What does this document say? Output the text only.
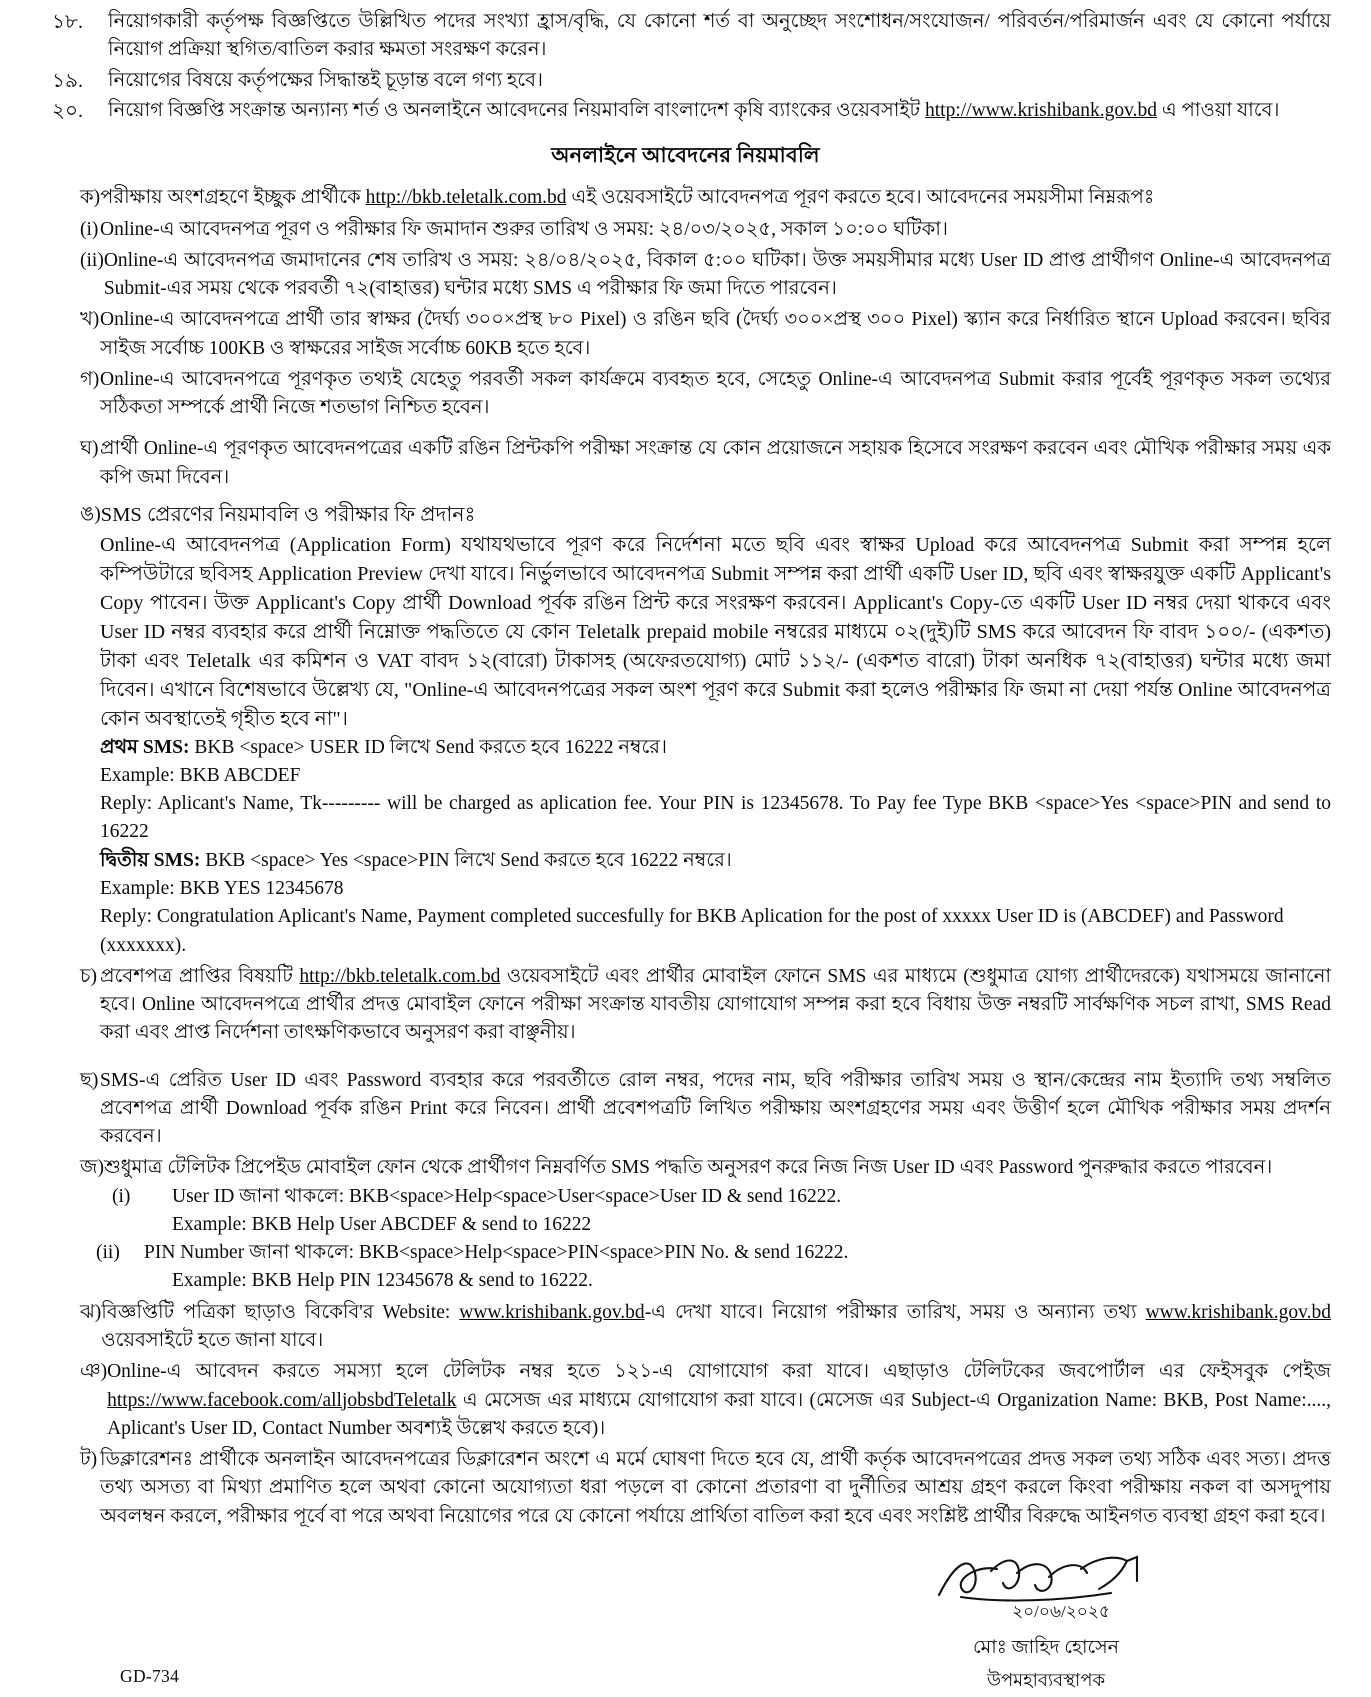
১৮.	নিয়োগকারী কর্তৃপক্ষ বিজ্ঞপ্তিতে উল্লিখিত পদের সংখ্যা হ্রাস/বৃদ্ধি, যে কোনো শর্ত বা অনুচ্ছেদ সংশোধন/সংযোজন/ পরিবর্তন/পরিমার্জন এবং যে কোনো পর্যায়ে নিয়োগ প্রক্রিয়া স্থগিত/বাতিল করার ক্ষমতা সংরক্ষণ করেন।
১৯.	নিয়োগের বিষয়ে কর্তৃপক্ষের সিদ্ধান্তই চূড়ান্ত বলে গণ্য হবে।
২০.	নিয়োগ বিজ্ঞপ্তি সংক্রান্ত অন্যান্য শর্ত ও অনলাইনে আবেদনের নিয়মাবলি বাংলাদেশ কৃষি ব্যাংকের ওয়েবসাইট http://www.krishibank.gov.bd এ পাওয়া যাবে।
অনলাইনে আবেদনের নিয়মাবলি
ক) পরীক্ষায় অংশগ্রহণে ইচ্ছুক প্রার্থীকে http://bkb.teletalk.com.bd এই ওয়েবসাইটে আবেদনপত্র পূরণ করতে হবে। আবেদনের সময়সীমা নিম্নরূপঃ
(i) Online-এ আবেদনপত্র পূরণ ও পরীক্ষার ফি জমাদান শুরুর তারিখ ও সময়: ২৪/০৩/২০২৫, সকাল ১০:০০ ঘটিকা।
(ii) Online-এ আবেদনপত্র জমাদানের শেষ তারিখ ও সময়: ২৪/০৪/২০২৫, বিকাল ৫:০০ ঘটিকা। উক্ত সময়সীমার মধ্যে User ID প্রাপ্ত প্রার্থীগণ Online-এ আবেদনপত্র Submit-এর সময় থেকে পরবর্তী ৭২(বাহাত্তর) ঘন্টার মধ্যে SMS এ পরীক্ষার ফি জমা দিতে পারবেন।
খ) Online-এ আবেদনপত্রে প্রার্থী তার স্বাক্ষর (দৈর্ঘ্য ৩০০×প্রস্থ ৮০ Pixel) ও রঙিন ছবি (দৈর্ঘ্য ৩০০×প্রস্থ ৩০০ Pixel) স্ক্যান করে নির্ধারিত স্থানে Upload করবেন। ছবির সাইজ সর্বোচ্চ 100KB ও স্বাক্ষরের সাইজ সর্বোচ্চ 60KB হতে হবে।
গ) Online-এ আবেদনপত্রে পূরণকৃত তথ্যই যেহেতু পরবর্তী সকল কার্যক্রমে ব্যবহৃত হবে, সেহেতু Online-এ আবেদনপত্র Submit করার পূর্বেই পূরণকৃত সকল তথ্যের সঠিকতা সম্পর্কে প্রার্থী নিজে শতভাগ নিশ্চিত হবেন।
ঘ) প্রার্থী Online-এ পূরণকৃত আবেদনপত্রের একটি রঙিন প্রিন্টকপি পরীক্ষা সংক্রান্ত যে কোন প্রয়োজনে সহায়ক হিসেবে সংরক্ষণ করবেন এবং মৌখিক পরীক্ষার সময় এক কপি জমা দিবেন।
ঙ) SMS প্রেরণের নিয়মাবলি ও পরীক্ষার ফি প্রদানঃ
Online-এ আবেদনপত্র (Application Form) যথাযথভাবে পূরণ করে নির্দেশনা মতে ছবি এবং স্বাক্ষর Upload করে আবেদনপত্র Submit করা সম্পন্ন হলে কম্পিউটারে ছবিসহ Application Preview দেখা যাবে। নির্ভুলভাবে আবেদনপত্র Submit সম্পন্ন করা প্রার্থী একটি User ID, ছবি এবং স্বাক্ষরযুক্ত একটি Applicant's Copy পাবেন। উক্ত Applicant's Copy প্রার্থী Download পূর্বক রঙিন প্রিন্ট করে সংরক্ষণ করবেন। Applicant's Copy-তে একটি User ID নম্বর দেয়া থাকবে এবং User ID নম্বর ব্যবহার করে প্রার্থী নিম্নোক্ত পদ্ধতিতে যে কোন Teletalk prepaid mobile নম্বরের মাধ্যমে ০২(দুই)টি SMS করে আবেদন ফি বাবদ ১০০/- (একশত) টাকা এবং Teletalk এর কমিশন ও VAT বাবদ ১২(বারো) টাকাসহ (অফেরতযোগ্য) মোট ১১২/- (একশত বারো) টাকা অনধিক ৭২(বাহাত্তর) ঘন্টার মধ্যে জমা দিবেন। এখানে বিশেষভাবে উল্লেখ্য যে, "Online-এ আবেদনপত্রের সকল অংশ পূরণ করে Submit করা হলেও পরীক্ষার ফি জমা না দেয়া পর্যন্ত Online আবেদনপত্র কোন অবস্থাতেই গৃহীত হবে না"।
প্রথম SMS: BKB <space> USER ID লিখে Send করতে হবে 16222 নম্বরে।
Example: BKB ABCDEF
Reply: Aplicant's Name, Tk--------- will be charged as aplication fee. Your PIN is 12345678. To Pay fee Type BKB <space>Yes <space>PIN and send to 16222
দ্বিতীয় SMS: BKB <space> Yes <space>PIN লিখে Send করতে হবে 16222 নম্বরে।
Example: BKB YES 12345678
Reply: Congratulation Aplicant's Name, Payment completed succesfully for BKB Aplication for the post of xxxxx User ID is (ABCDEF) and Password (xxxxxxx).
চ) প্রবেশপত্র প্রাপ্তির বিষয়টি http://bkb.teletalk.com.bd ওয়েবসাইটে এবং প্রার্থীর মোবাইল ফোনে SMS এর মাধ্যমে (শুধুমাত্র যোগ্য প্রার্থীদেরকে) যথাসময়ে জানানো হবে। Online আবেদনপত্রে প্রার্থীর প্রদত্ত মোবাইল ফোনে পরীক্ষা সংক্রান্ত যাবতীয় যোগাযোগ সম্পন্ন করা হবে বিধায় উক্ত নম্বরটি সার্বক্ষণিক সচল রাখা, SMS Read করা এবং প্রাপ্ত নির্দেশনা তাৎক্ষণিকভাবে অনুসরণ করা বাঞ্ছনীয়।
ছ) SMS-এ প্রেরিত User ID এবং Password ব্যবহার করে পরবর্তীতে রোল নম্বর, পদের নাম, ছবি পরীক্ষার তারিখ সময় ও স্থান/কেন্দ্রের নাম ইত্যাদি তথ্য সম্বলিত প্রবেশপত্র প্রার্থী Download পূর্বক রঙিন Print করে নিবেন। প্রার্থী প্রবেশপত্রটি লিখিত পরীক্ষায় অংশগ্রহণের সময় এবং উত্তীর্ণ হলে মৌখিক পরীক্ষার সময় প্রদর্শন করবেন।
জ) শুধুমাত্র টেলিটক প্রিপেইড মোবাইল ফোন থেকে প্রার্থীগণ নিম্নবর্ণিত SMS পদ্ধতি অনুসরণ করে নিজ নিজ User ID এবং Password পুনরুদ্ধার করতে পারবেন।
(i)	User ID জানা থাকলে: BKB<space>Help<space>User<space>User ID & send 16222.
Example: BKB Help User ABCDEF & send to 16222
(ii)	PIN Number জানা থাকলে: BKB<space>Help<space>PIN<space>PIN No. & send 16222.
Example: BKB Help PIN 12345678 & send to 16222.
ঝ) বিজ্ঞপ্তিটি পত্রিকা ছাড়াও বিকেবি'র Website: www.krishibank.gov.bd-এ দেখা যাবে। নিয়োগ পরীক্ষার তারিখ, সময় ও অন্যান্য তথ্য www.krishibank.gov.bd ওয়েবসাইটে হতে জানা যাবে।
ঞ) Online-এ আবেদন করতে সমস্যা হলে টেলিটক নম্বর হতে ১২১-এ যোগাযোগ করা যাবে। এছাড়াও টেলিটকের জবপোর্টাল এর ফেইসবুক পেইজ https://www.facebook.com/alljobsbdTeletalk এ মেসেজ এর মাধ্যমে যোগাযোগ করা যাবে। (মেসেজ এর Subject-এ Organization Name: BKB, Post Name:...., Aplicant's User ID, Contact Number অবশ্যই উল্লেখ করতে হবে)।
ট) ডিক্লারেশনঃ প্রার্থীকে অনলাইন আবেদনপত্রের ডিক্লারেশন অংশে এ মর্মে ঘোষণা দিতে হবে যে, প্রার্থী কর্তৃক আবেদনপত্রের প্রদত্ত সকল তথ্য সঠিক এবং সত্য। প্রদত্ত তথ্য অসত্য বা মিথ্যা প্রমাণিত হলে অথবা কোনো অযোগ্যতা ধরা পড়লে বা কোনো প্রতারণা বা দুর্নীতির আশ্রয় গ্রহণ করলে কিংবা পরীক্ষায় নকল বা অসদুপায় অবলম্বন করলে, পরীক্ষার পূর্বে বা পরে অথবা নিয়োগের পরে যে কোনো পর্যায়ে প্রার্থিতা বাতিল করা হবে এবং সংশ্লিষ্ট প্রার্থীর বিরুদ্ধে আইনগত ব্যবস্থা গ্রহণ করা হবে।
২০/০৬/২০২৫
মোঃ জাহিদ হোসেন
উপমহাব্যবস্থাপক
GD-734
